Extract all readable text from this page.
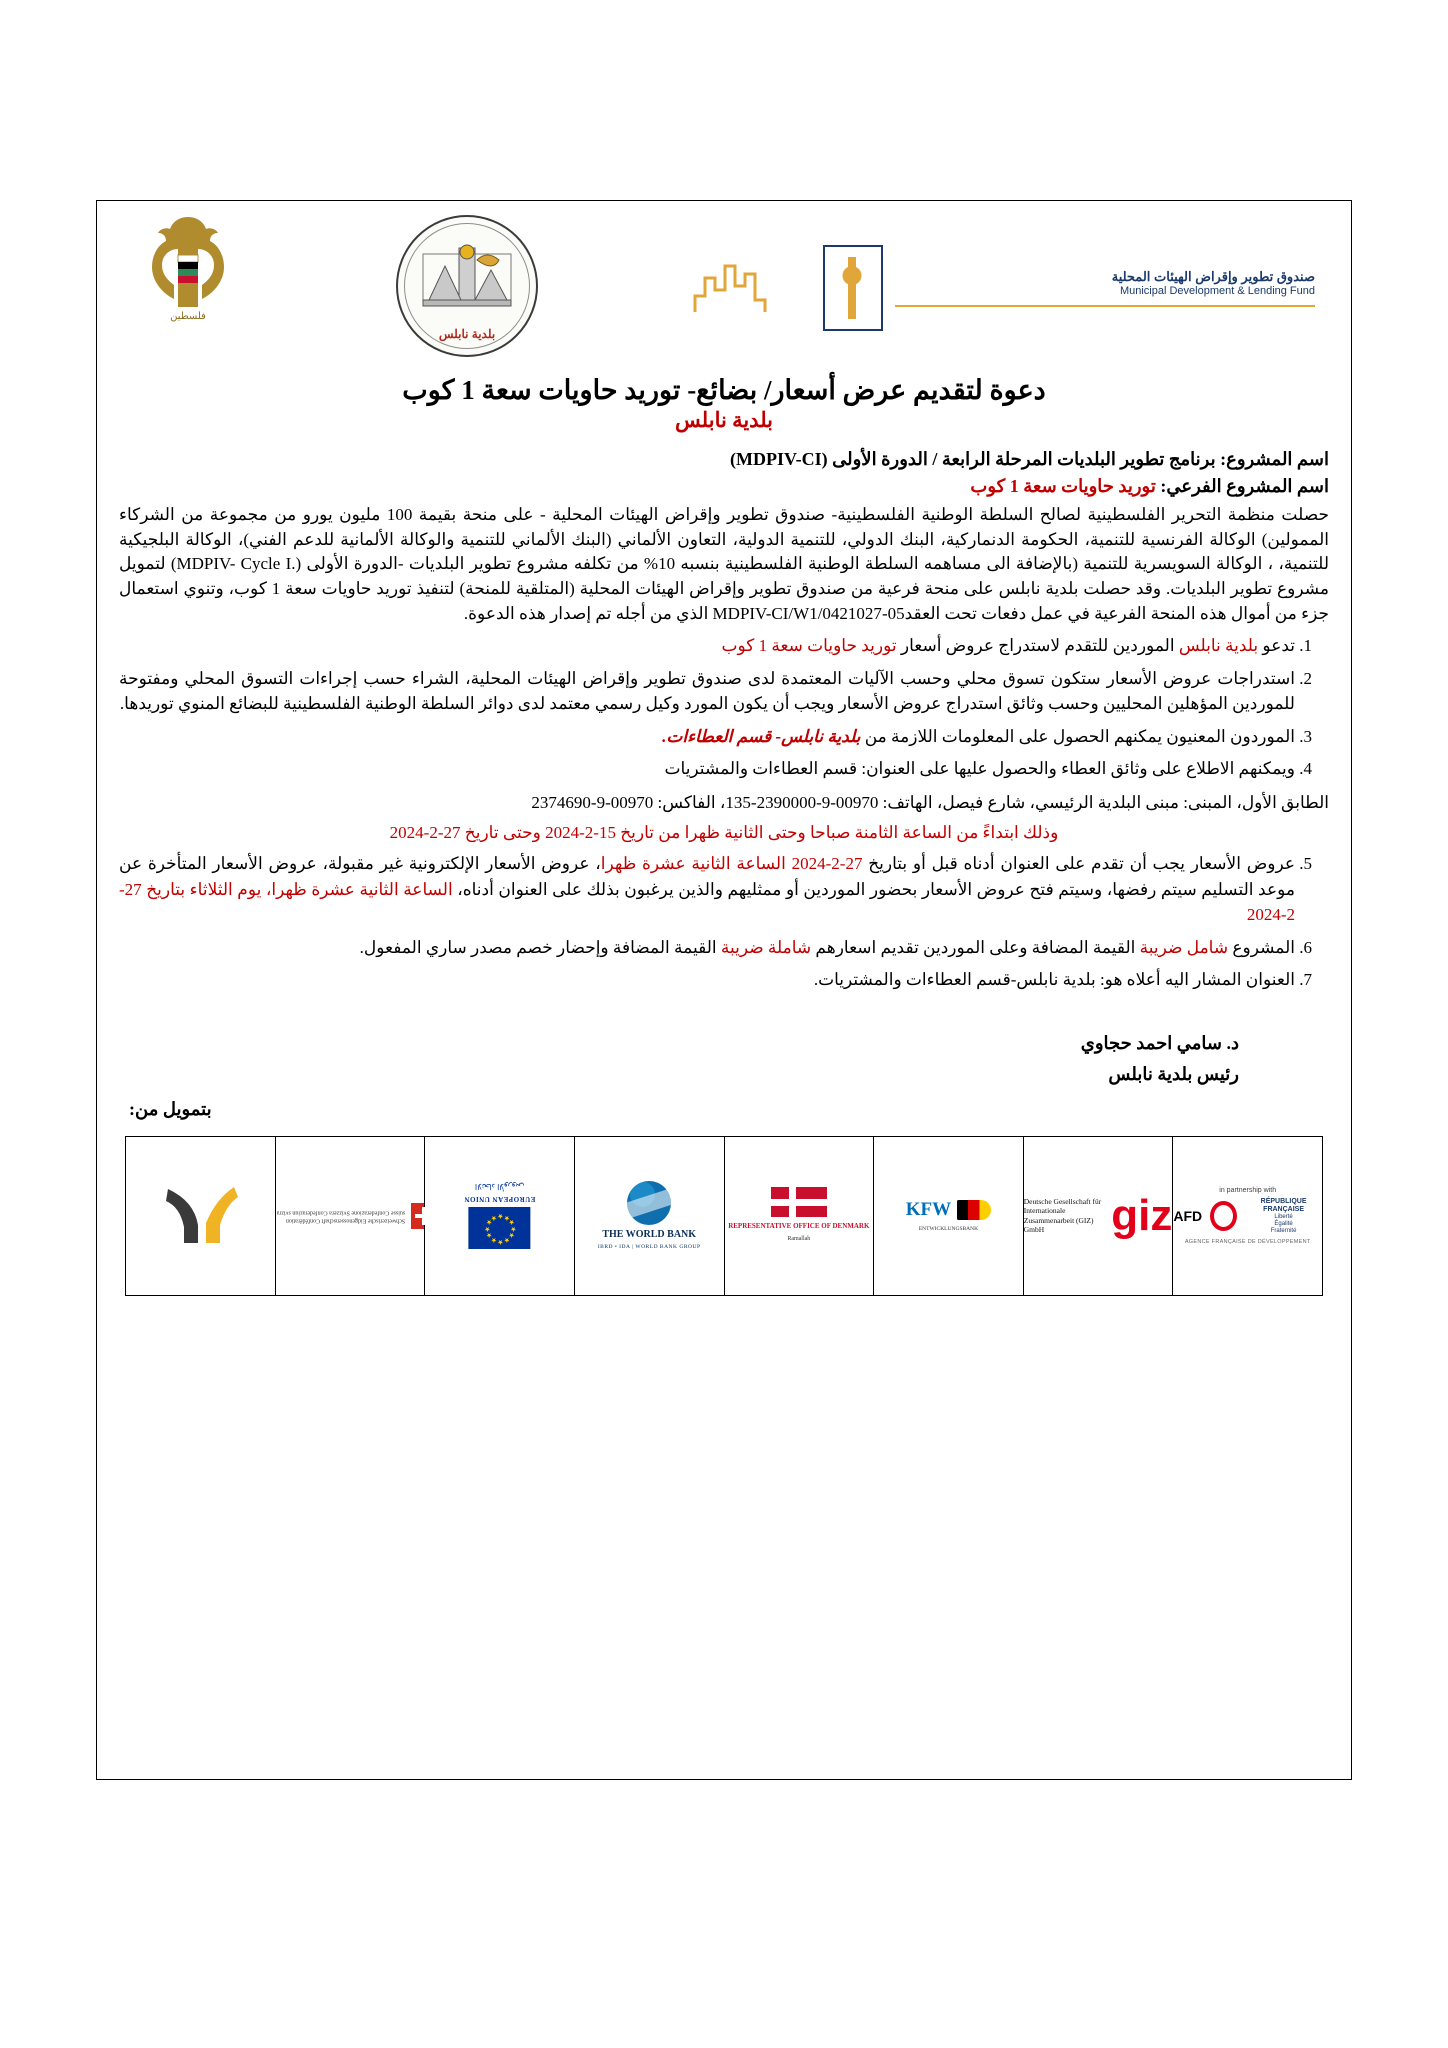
فلسطين
بلدية نابلس
صندوق تطوير وإقراض الهيئات المحلية
Municipal Development & Lending Fund
دعوة لتقديم عرض أسعار/ بضائع- توريد حاويات سعة 1 كوب
بلدية نابلس
اسم المشروع: برنامج تطوير البلديات المرحلة الرابعة / الدورة الأولى (MDPIV-CI)
اسم المشروع الفرعي: توريد حاويات سعة 1 كوب

حصلت منظمة التحرير الفلسطينية لصالح السلطة الوطنية الفلسطينية- صندوق تطوير وإقراض الهيئات المحلية - على منحة بقيمة 100 مليون يورو من مجموعة من الشركاء الممولين) الوكالة الفرنسية للتنمية، الحكومة الدنماركية، البنك الدولي، للتنمية الدولية، التعاون الألماني (البنك الألماني للتنمية والوكالة الألمانية للدعم الفني)، الوكالة البلجيكية للتنمية، ، الوكالة السويسرية للتنمية (بالإضافة الى مساهمه السلطة الوطنية الفلسطينية بنسبه 10% من تكلفه مشروع تطوير البلديات -الدورة الأولى (.MDPIV- Cycle I) لتمويل مشروع تطوير البلديات. وقد حصلت بلدية نابلس على منحة فرعية من صندوق تطوير وإقراض الهيئات المحلية (المتلقية للمنحة) لتنفيذ توريد حاويات سعة 1 كوب، وتنوي استعمال جزء من أموال هذه المنحة الفرعية في عمل دفعات تحت العقد05-MDPIV-CI/W1/0421027 الذي من أجله تم إصدار هذه الدعوة.

1. تدعو بلدية نابلس الموردين للتقدم لاستدراج عروض أسعار توريد حاويات سعة 1 كوب
2. استدراجات عروض الأسعار ستكون تسوق محلي وحسب الآليات المعتمدة لدى صندوق تطوير وإقراض الهيئات المحلية، الشراء حسب إجراءات التسوق المحلي ومفتوحة للموردين المؤهلين المحليين وحسب وثائق استدراج عروض الأسعار ويجب أن يكون المورد وكيل رسمي معتمد لدى دوائر السلطة الوطنية الفلسطينية للبضائع المنوي توريدها.
3. الموردون المعنيون يمكنهم الحصول على المعلومات اللازمة من بلدية نابلس- قسم العطاءات.
4. ويمكنهم الاطلاع على وثائق العطاء والحصول عليها على العنوان: قسم العطاءات والمشتريات

الطابق الأول، المبنى: مبنى البلدية الرئيسي، شارع فيصل، الهاتف: 00970-9-2390000-135، الفاكس: 00970-9-2374690

وذلك ابتداءً من الساعة الثامنة صباحا وحتى الثانية ظهرا من تاريخ 15-2-2024 وحتى تاريخ 27-2-2024

5. عروض الأسعار يجب أن تقدم على العنوان أدناه قبل أو بتاريخ 27-2-2024 الساعة الثانية عشرة ظهرا، عروض الأسعار الإلكترونية غير مقبولة، عروض الأسعار المتأخرة عن موعد التسليم سيتم رفضها، وسيتم فتح عروض الأسعار بحضور الموردين أو ممثليهم والذين يرغبون بذلك على العنوان أدناه، الساعة الثانية عشرة ظهرا، يوم الثلاثاء بتاريخ 27-2-2024
6. المشروع شامل ضريبة القيمة المضافة وعلى الموردين تقديم اسعارهم شاملة ضريبة القيمة المضافة وإحضار خصم مصدر ساري المفعول.
7. العنوان المشار اليه أعلاه هو: بلدية نابلس-قسم العطاءات والمشتريات.
د. سامي احمد حجاوي
رئيس بلدية نابلس
بتمويل من:
in partnership with
RÉPUBLIQUE FRANÇAISE
Liberté
Égalité
Fraternité
AFD
AGENCE FRANÇAISE DE DÉVELOPPEMENT
giz
Deutsche Gesellschaft für Internationale Zusammenarbeit (GIZ) GmbH
KFW
ENTWICKLUNGSBANK
REPRESENTATIVE OFFICE OF DENMARK
Ramallah
THE WORLD BANK
IBRD • IDA | WORLD BANK GROUP
★
★
★
★
★
★ ★ ★
★
★
★
★
EUROPEAN UNION
الاتحاد الأوروبي
Schweizerische Eidgenossenschaft Confédération suisse Confederazione Svizzera Confederaziun svizra
